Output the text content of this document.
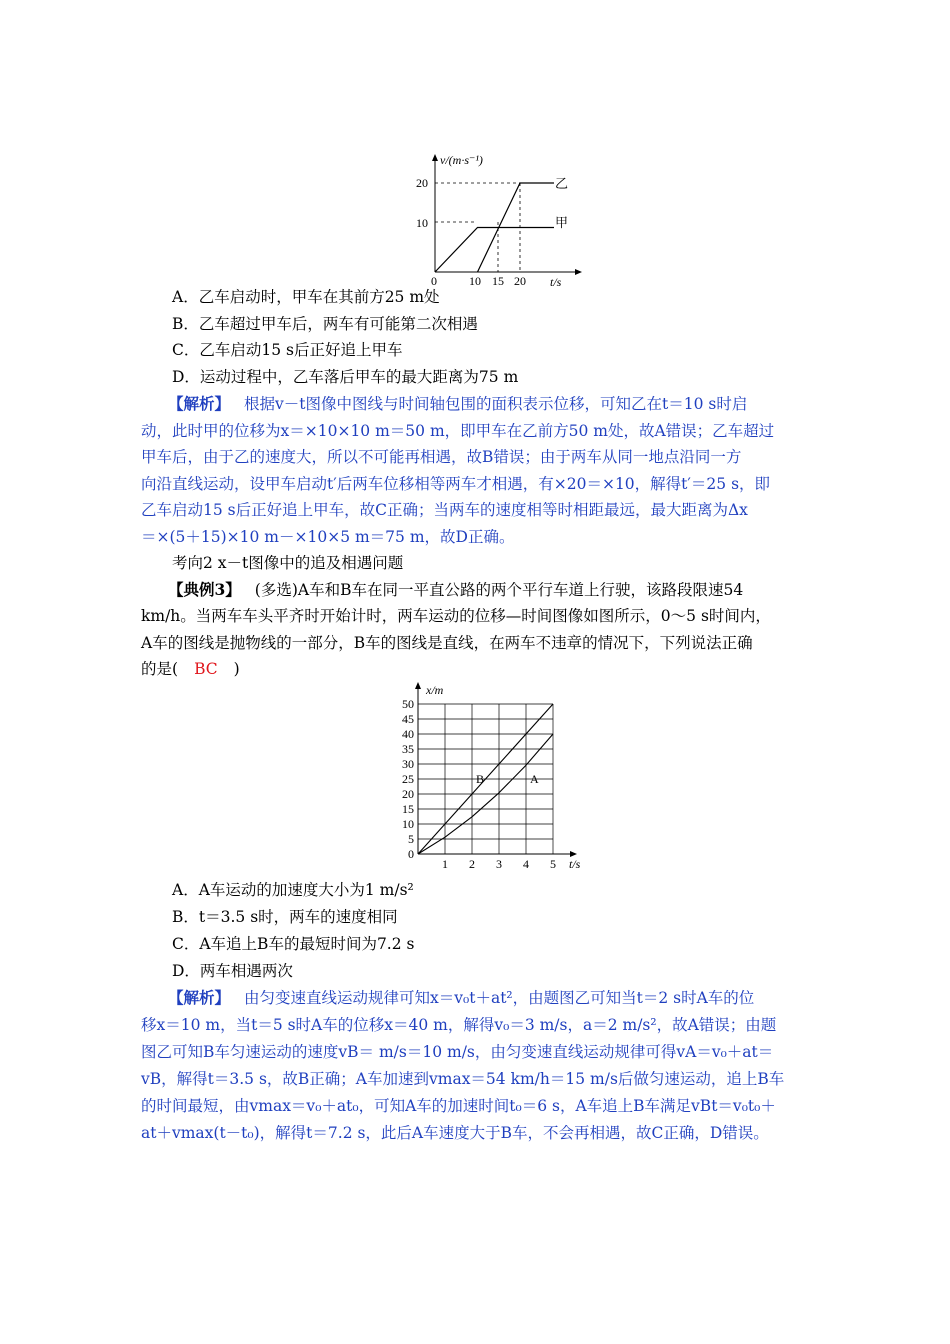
v/(m·s⁻¹)
t/s
10
20
0	10 15 20
乙
甲
A．乙车启动时，甲车在其前方25 m处
B．乙车超过甲车后，两车有可能第二次相遇
C．乙车启动15 s后正好追上甲车
D．运动过程中，乙车落后甲车的最大距离为75 m
【解析】 根据v－t图像中图线与时间轴包围的面积表示位移，可知乙在t＝10 s时启
动，此时甲的位移为x＝×10×10 m＝50 m，即甲车在乙前方50 m处，故A错误；乙车超过
甲车后，由于乙的速度大，所以不可能再相遇，故B错误；由于两车从同一地点沿同一方
向沿直线运动，设甲车启动t′后两车位移相等两车才相遇，有×20＝×10，解得t′＝25 s，即
乙车启动15 s后正好追上甲车，故C正确；当两车的速度相等时相距最远，最大距离为Δx
＝×(5＋15)×10 m－×10×5 m＝75 m，故D正确。
考向2 x－t图像中的追及相遇问题
【典例3】 (多选)A车和B车在同一平直公路的两个平行车道上行驶，该路段限速54
km/h。当两车车头平齐时开始计时，两车运动的位移—时间图像如图所示，0～5 s时间内，
A车的图线是抛物线的一部分，B车的图线是直线，在两车不违章的情况下，下列说法正确
的是( BC )
x/m
t/s
0
5
10
15
20
25
30
35
40
45
50
1 2 3 4 5
B	A
A．A车运动的加速度大小为1 m/s²
B．t＝3.5 s时，两车的速度相同
C．A车追上B车的最短时间为7.2 s
D．两车相遇两次
【解析】 由匀变速直线运动规律可知x＝v₀t＋at²，由题图乙可知当t＝2 s时A车的位
移x＝10 m，当t＝5 s时A车的位移x＝40 m，解得v₀＝3 m/s，a＝2 m/s²，故A错误；由题
图乙可知B车匀速运动的速度vB＝ m/s＝10 m/s，由匀变速直线运动规律可得vA＝v₀＋at＝
vB，解得t＝3.5 s，故B正确；A车加速到vmax＝54 km/h＝15 m/s后做匀速运动，追上B车
的时间最短，由vmax＝v₀＋at₀，可知A车的加速时间t₀＝6 s，A车追上B车满足vBt＝v₀t₀＋
at＋vmax(t－t₀)，解得t＝7.2 s，此后A车速度大于B车，不会再相遇，故C正确，D错误。
